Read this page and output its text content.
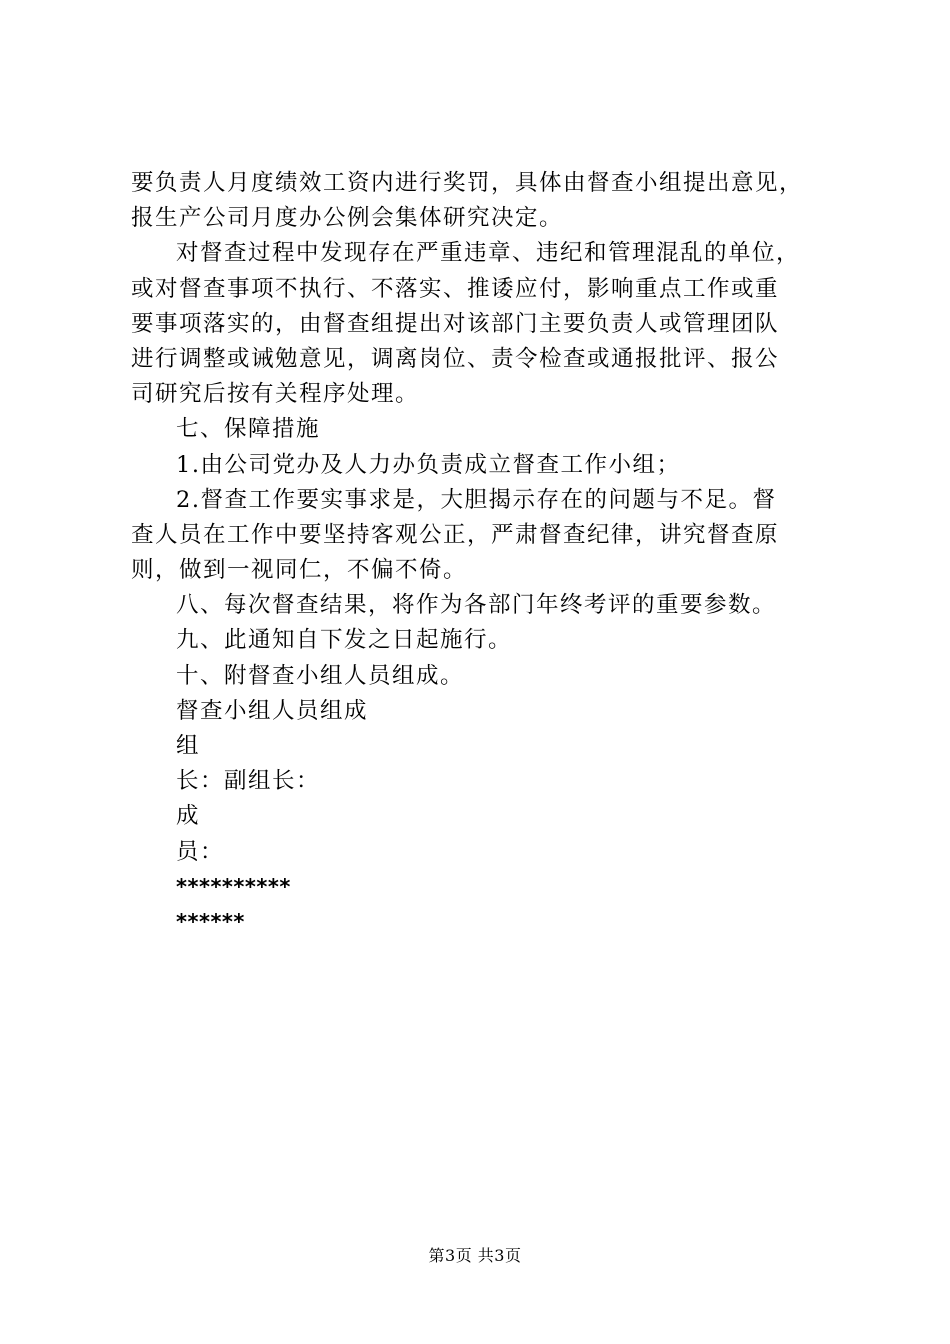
要负责人月度绩效工资内进行奖罚，具体由督查小组提出意见，
报生产公司月度办公例会集体研究决定。
对督查过程中发现存在严重违章、违纪和管理混乱的单位，
或对督查事项不执行、不落实、推诿应付，影响重点工作或重
要事项落实的，由督查组提出对该部门主要负责人或管理团队
进行调整或诫勉意见，调离岗位、责令检查或通报批评、报公
司研究后按有关程序处理。
七、保障措施
1.由公司党办及人力办负责成立督查工作小组；
2.督查工作要实事求是，大胆揭示存在的问题与不足。督
查人员在工作中要坚持客观公正，严肃督查纪律，讲究督查原
则，做到一视同仁，不偏不倚。
八、每次督查结果，将作为各部门年终考评的重要参数。
九、此通知自下发之日起施行。
十、附督查小组人员组成。
督查小组人员组成
组
长：副组长：
成
员：
**********
******
第3页 共3页
